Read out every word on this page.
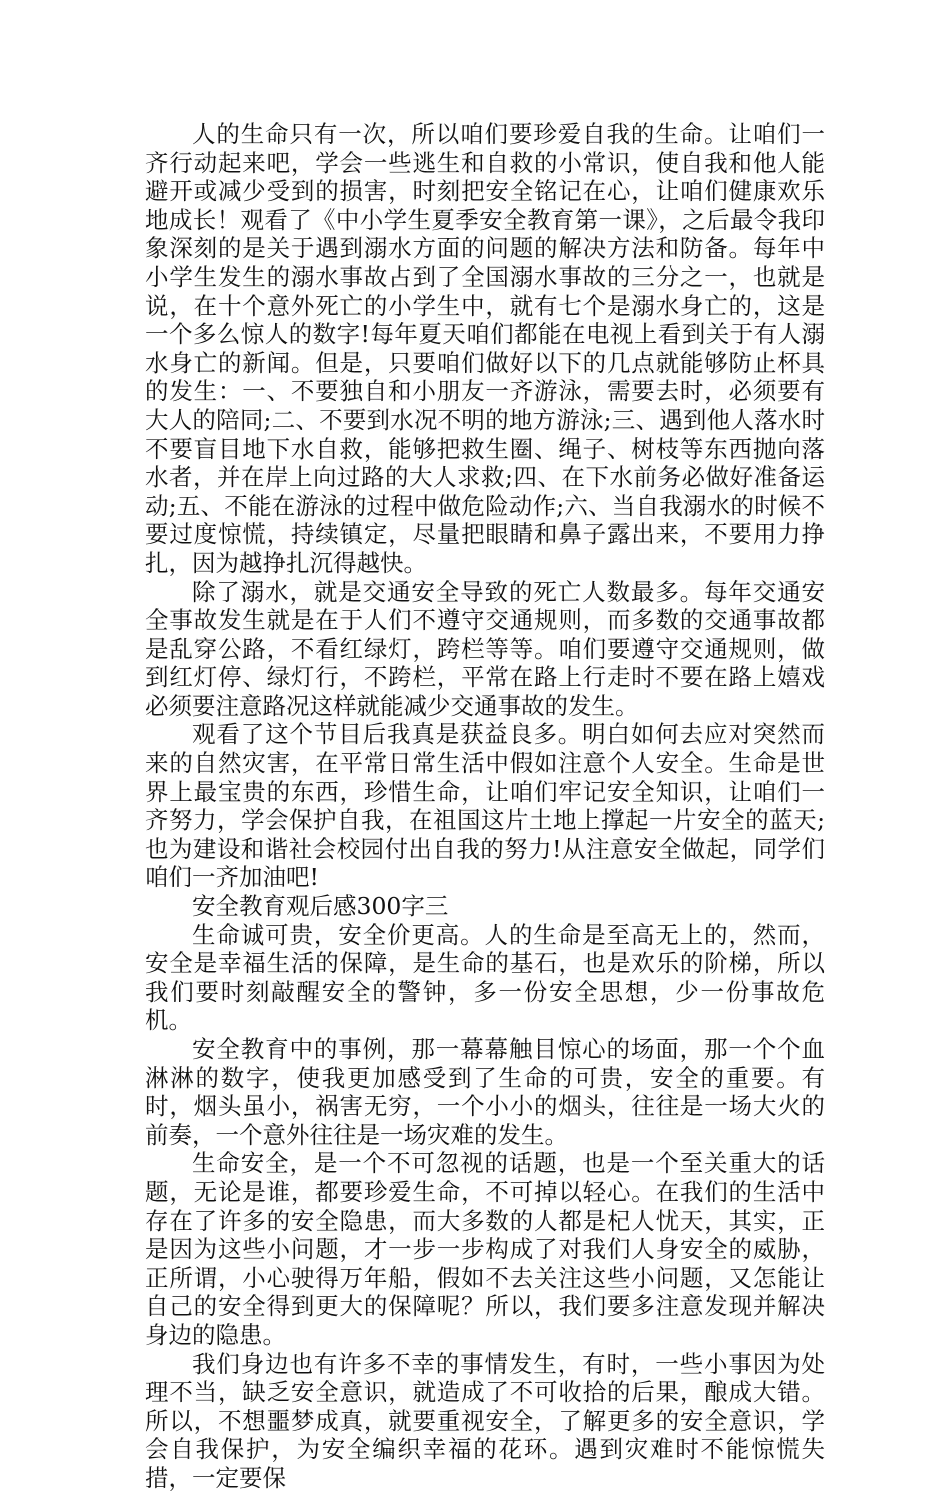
人的生命只有一次，所以咱们要珍爱自我的生命。让咱们一齐行动起来吧，学会一些逃生和自救的小常识，使自我和他人能避开或减少受到的损害，时刻把安全铭记在心，让咱们健康欢乐地成长！观看了《中小学生夏季安全教育第一课》，之后最令我印象深刻的是关于遇到溺水方面的问题的解决方法和防备。每年中小学生发生的溺水事故占到了全国溺水事故的三分之一，也就是说，在十个意外死亡的小学生中，就有七个是溺水身亡的，这是一个多么惊人的数字!每年夏天咱们都能在电视上看到关于有人溺水身亡的新闻。但是，只要咱们做好以下的几点就能够防止杯具的发生：一、不要独自和小朋友一齐游泳，需要去时，必须要有大人的陪同;二、不要到水况不明的地方游泳;三、遇到他人落水时不要盲目地下水自救，能够把救生圈、绳子、树枝等东西抛向落水者，并在岸上向过路的大人求救;四、在下水前务必做好准备运动;五、不能在游泳的过程中做危险动作;六、当自我溺水的时候不要过度惊慌，持续镇定，尽量把眼睛和鼻子露出来，不要用力挣扎，因为越挣扎沉得越快。

除了溺水，就是交通安全导致的死亡人数最多。每年交通安全事故发生就是在于人们不遵守交通规则，而多数的交通事故都是乱穿公路，不看红绿灯，跨栏等等。咱们要遵守交通规则，做到红灯停、绿灯行，不跨栏，平常在路上行走时不要在路上嬉戏必须要注意路况这样就能减少交通事故的发生。

观看了这个节目后我真是获益良多。明白如何去应对突然而来的自然灾害，在平常日常生活中假如注意个人安全。生命是世界上最宝贵的东西，珍惜生命，让咱们牢记安全知识，让咱们一齐努力，学会保护自我，在祖国这片土地上撑起一片安全的蓝天;也为建设和谐社会校园付出自我的努力!从注意安全做起，同学们咱们一齐加油吧!

安全教育观后感300字三

生命诚可贵，安全价更高。人的生命是至高无上的，然而，安全是幸福生活的保障，是生命的基石，也是欢乐的阶梯，所以我们要时刻敲醒安全的警钟，多一份安全思想，少一份事故危机。

安全教育中的事例，那一幕幕触目惊心的场面，那一个个血淋淋的数字，使我更加感受到了生命的可贵，安全的重要。有时，烟头虽小，祸害无穷，一个小小的烟头，往往是一场大火的前奏，一个意外往往是一场灾难的发生。

生命安全，是一个不可忽视的话题，也是一个至关重大的话题，无论是谁，都要珍爱生命，不可掉以轻心。在我们的生活中存在了许多的安全隐患，而大多数的人都是杞人忧天，其实，正是因为这些小问题，才一步一步构成了对我们人身安全的威胁，正所谓，小心驶得万年船，假如不去关注这些小问题，又怎能让自己的安全得到更大的保障呢？所以，我们要多注意发现并解决身边的隐患。

我们身边也有许多不幸的事情发生，有时，一些小事因为处理不当，缺乏安全意识，就造成了不可收拾的后果，酿成大错。所以，不想噩梦成真，就要重视安全，了解更多的安全意识，学会自我保护，为安全编织幸福的花环。遇到灾难时不能惊慌失措，一定要保
